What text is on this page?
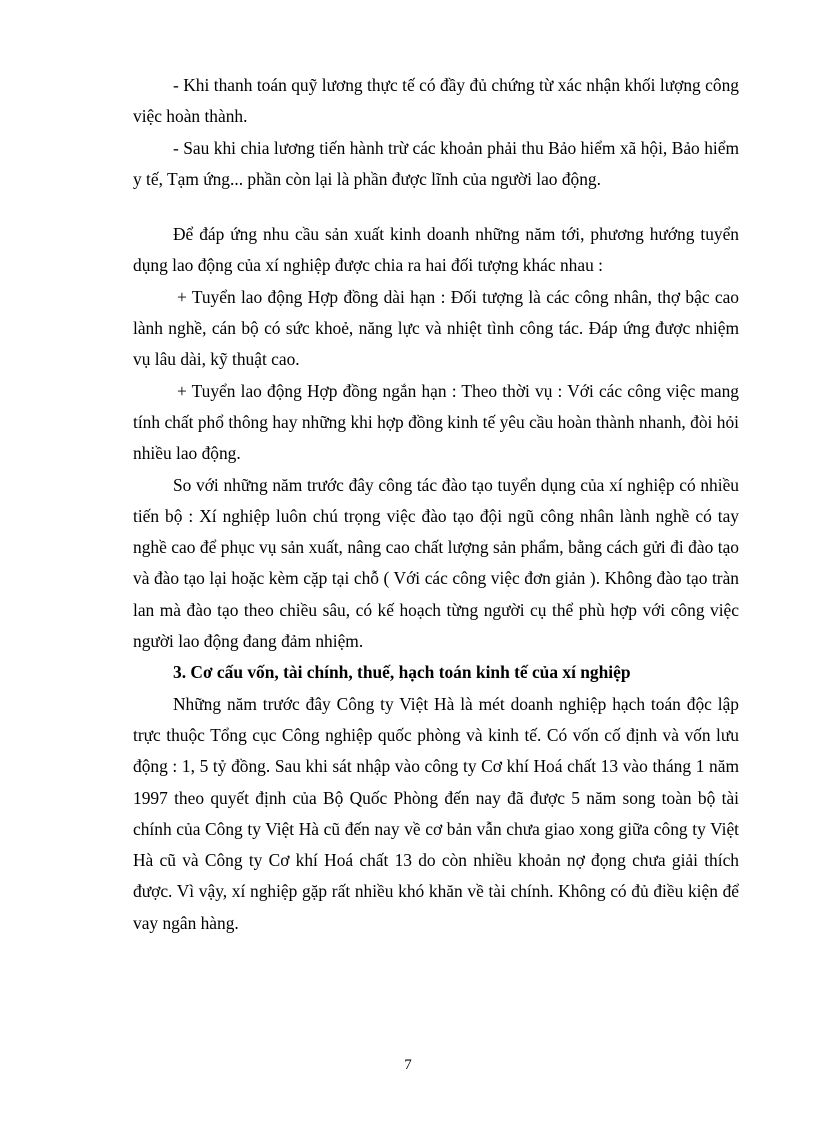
- Khi thanh toán quỹ lương thực tế có đầy đủ chứng từ xác nhận khối lượng công việc hoàn thành.

- Sau khi chia lương tiến hành trừ các khoản phải thu Bảo hiểm xã hội, Bảo hiểm y tế, Tạm ứng... phần còn lại là phần được lĩnh của người lao động.

Để đáp ứng nhu cầu sản xuất kinh doanh những năm tới, phương hướng tuyển dụng lao động của xí nghiệp được chia ra hai đối tượng khác nhau :

+ Tuyển lao động Hợp đồng dài hạn : Đối tượng là các công nhân, thợ bậc cao lành nghề, cán bộ có sức khoẻ, năng lực và nhiệt tình công tác. Đáp ứng được nhiệm vụ lâu dài, kỹ thuật cao.

+ Tuyển lao động Hợp đồng ngắn hạn : Theo thời vụ : Với các công việc mang tính chất phổ thông hay những khi hợp đồng kinh tế yêu cầu hoàn thành nhanh, đòi hỏi nhiều lao động.

So với những năm trước đây công tác đào tạo tuyển dụng của xí nghiệp có nhiều tiến bộ : Xí nghiệp luôn chú trọng việc đào tạo đội ngũ công nhân lành nghề có tay nghề cao để phục vụ sản xuất, nâng cao chất lượng sản phẩm, bằng cách gửi đi đào tạo và đào tạo lại hoặc kèm cặp tại chỗ ( Với các công việc đơn giản ). Không đào tạo tràn lan mà đào tạo theo chiều sâu, có kế hoạch từng người cụ thể phù hợp với công việc người lao động đang đảm nhiệm.

3. Cơ cấu vốn, tài chính, thuế, hạch toán kinh tế của xí nghiệp

Những năm trước đây Công ty Việt Hà là mét doanh nghiệp hạch toán độc lập trực thuộc Tổng cục Công nghiệp quốc phòng và kinh tế. Có vốn cố định và vốn lưu động : 1, 5 tỷ đồng. Sau khi sát nhập vào công ty Cơ khí Hoá chất 13 vào tháng 1 năm 1997 theo quyết định của Bộ Quốc Phòng đến nay đã được 5 năm song toàn bộ tài chính của Công ty Việt Hà cũ đến nay về cơ bản vẫn chưa giao xong giữa công ty Việt Hà cũ và Công ty Cơ khí Hoá chất 13 do còn nhiều khoản nợ đọng chưa giải thích được. Vì vậy, xí nghiệp gặp rất nhiều khó khăn về tài chính. Không có đủ điều kiện để vay ngân hàng.

7
